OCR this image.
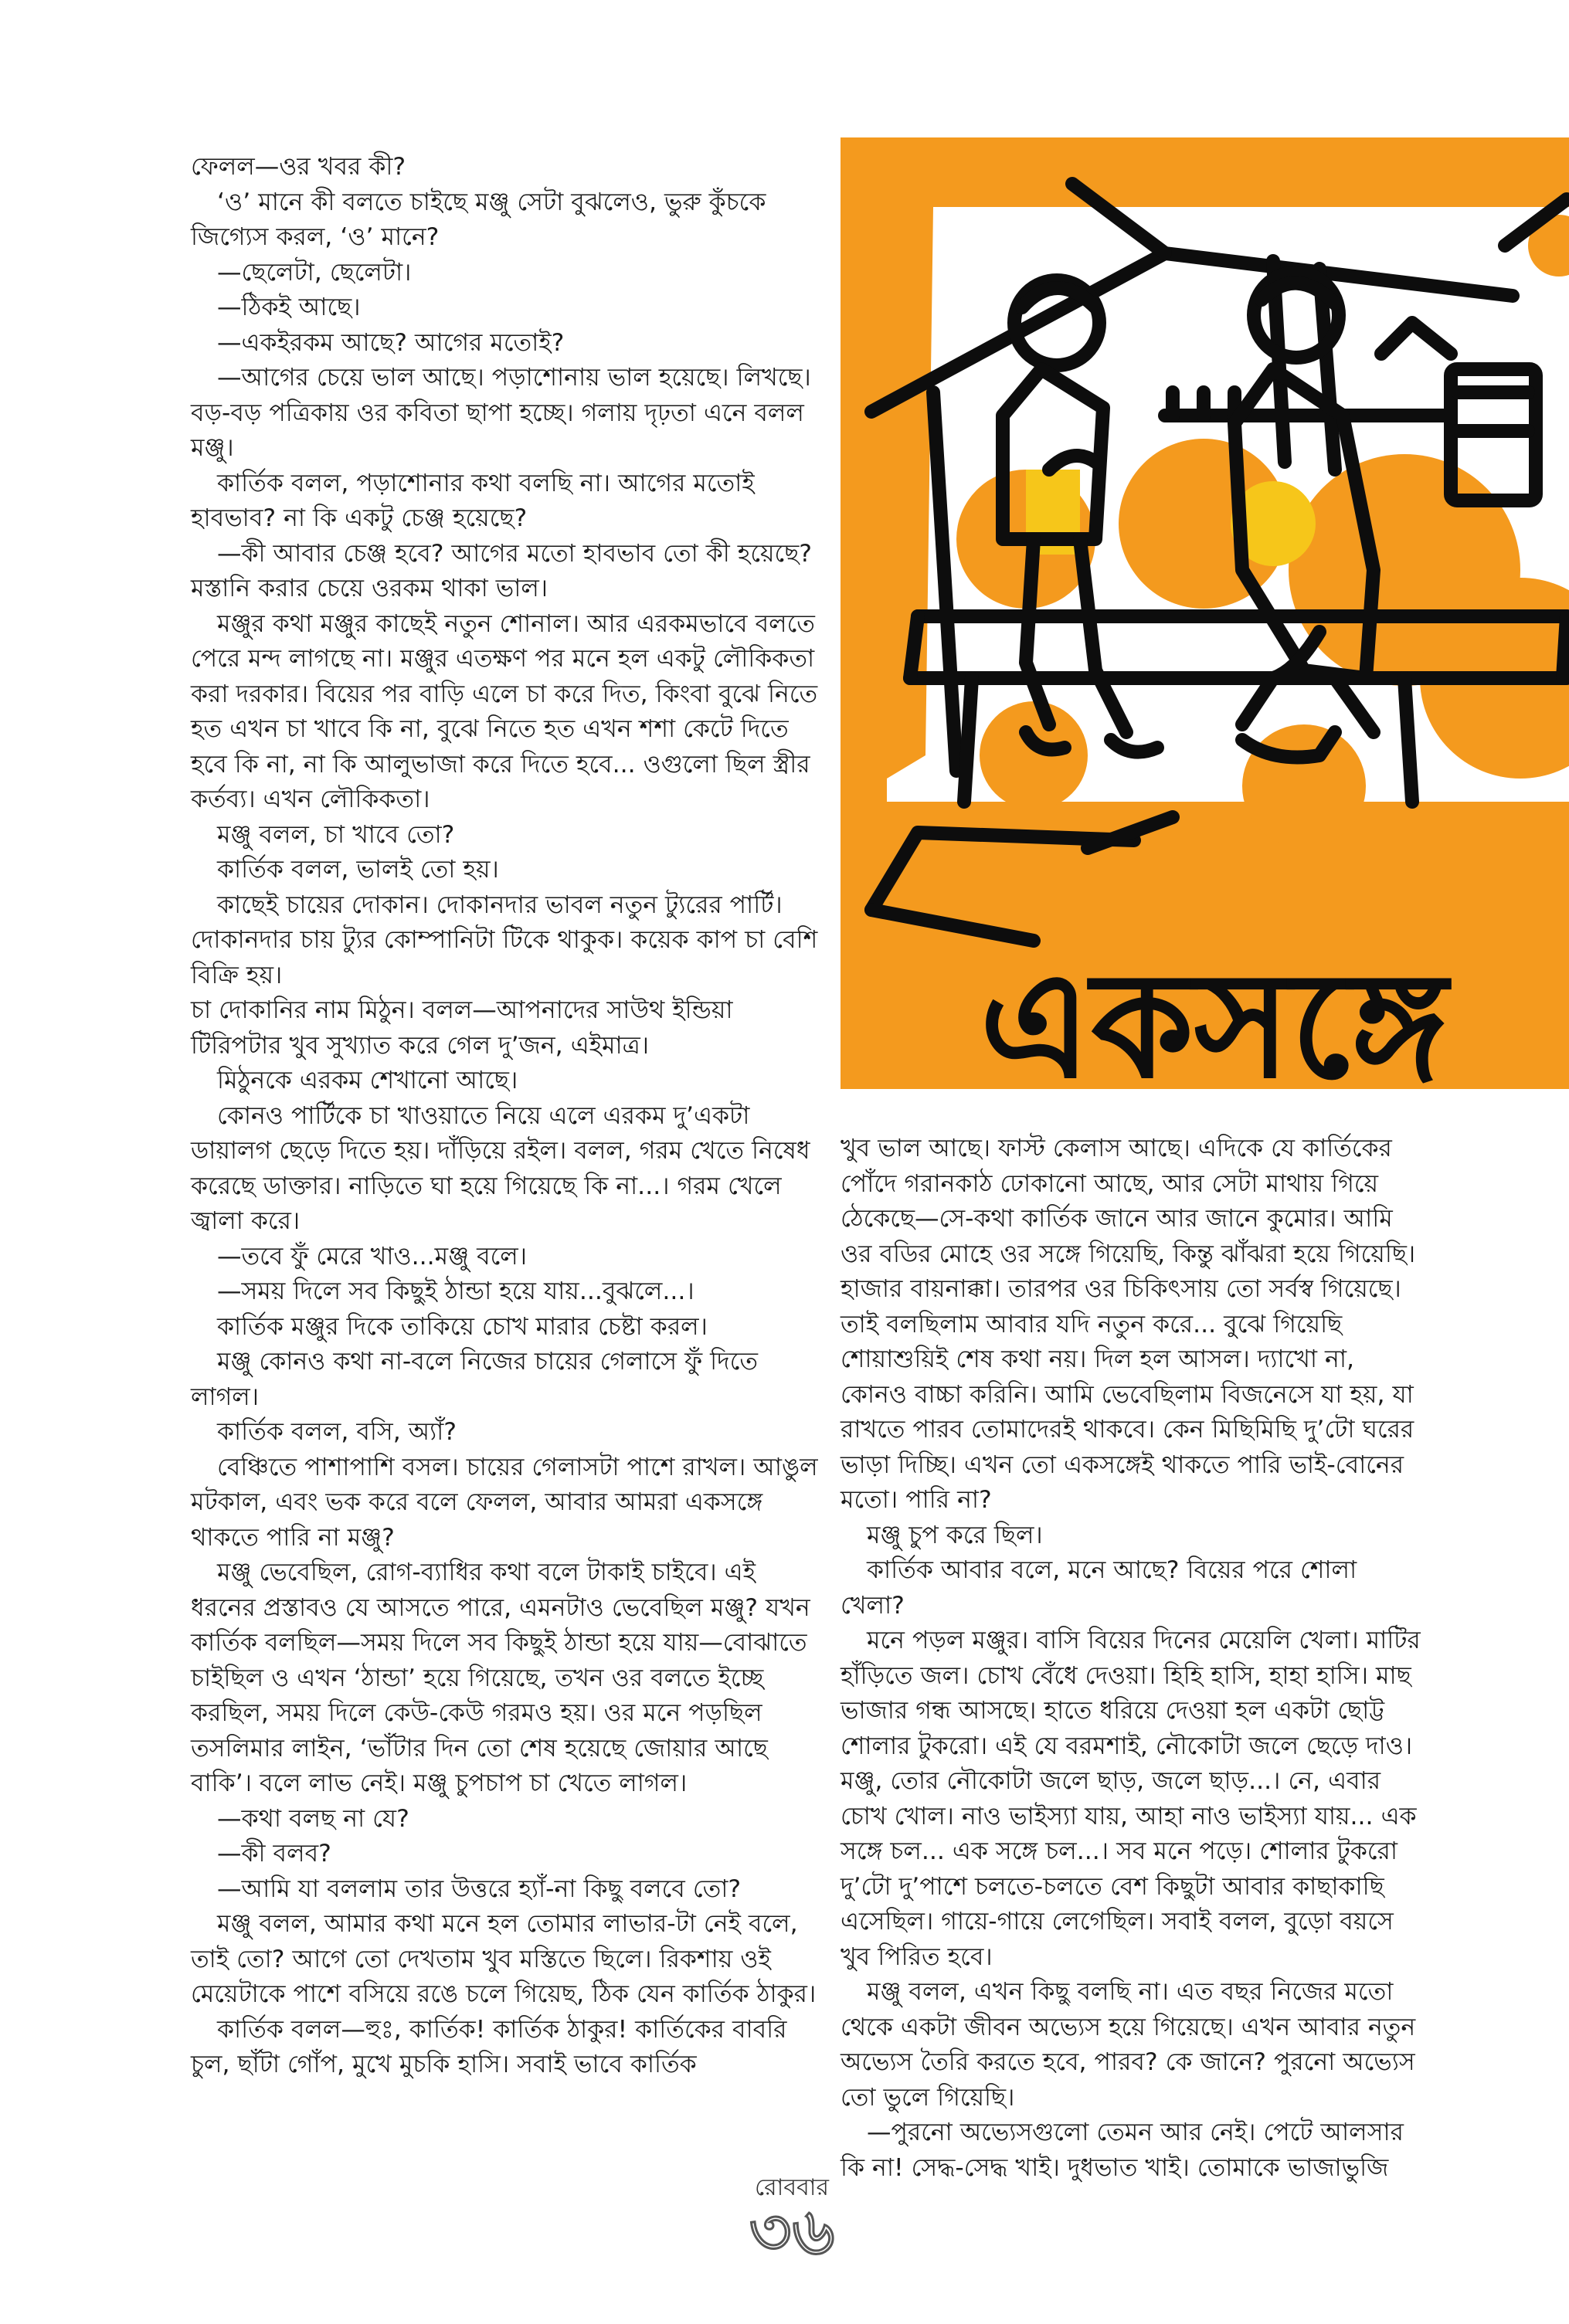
ফেলল—ওর খবর কী?

‘ও’ মানে কী বলতে চাইছে মঞ্জু সেটা বুঝলেও, ভুরু কুঁচকে জিগ্যেস করল, ‘ও’ মানে?

—ছেলেটা, ছেলেটা।

—ঠিকই আছে।

—একইরকম আছে? আগের মতোই?

—আগের চেয়ে ভাল আছে। পড়াশোনায় ভাল হয়েছে। লিখছে। বড়-বড় পত্রিকায় ওর কবিতা ছাপা হচ্ছে। গলায় দৃঢ়তা এনে বলল মঞ্জু।

কার্তিক বলল, পড়াশোনার কথা বলছি না। আগের মতোই হাবভাব? না কি একটু চেঞ্জ হয়েছে?

—কী আবার চেঞ্জ হবে? আগের মতো হাবভাব তো কী হয়েছে? মস্তানি করার চেয়ে ওরকম থাকা ভাল।

মঞ্জুর কথা মঞ্জুর কাছেই নতুন শোনাল। আর এরকমভাবে বলতে পেরে মন্দ লাগছে না। মঞ্জুর এতক্ষণ পর মনে হল একটু লৌকিকতা করা দরকার। বিয়ের পর বাড়ি এলে চা করে দিত, কিংবা বুঝে নিতে হত এখন চা খাবে কি না, বুঝে নিতে হত এখন শশা কেটে দিতে হবে কি না, না কি আলুভাজা করে দিতে হবে... ওগুলো ছিল স্ত্রীর কর্তব্য। এখন লৌকিকতা।

মঞ্জু বলল, চা খাবে তো?

কার্তিক বলল, ভালই তো হয়।

কাছেই চায়ের দোকান। দোকানদার ভাবল নতুন ট্যুরের পার্টি। দোকানদার চায় ট্যুর কোম্পানিটা টিকে থাকুক। কয়েক কাপ চা বেশি বিক্রি হয়।

চা দোকানির নাম মিঠুন। বলল—আপনাদের সাউথ ইন্ডিয়া টিরিপটার খুব সুখ্যাত করে গেল দু’জন, এইমাত্র।

মিঠুনকে এরকম শেখানো আছে।

কোনও পার্টিকে চা খাওয়াতে নিয়ে এলে এরকম দু’একটা ডায়ালগ ছেড়ে দিতে হয়। দাঁড়িয়ে রইল। বলল, গরম খেতে নিষেধ করেছে ডাক্তার। নাড়িতে ঘা হয়ে গিয়েছে কি না...। গরম খেলে জ্বালা করে।

—তবে ফুঁ মেরে খাও...মঞ্জু বলে।

—সময় দিলে সব কিছুই ঠান্ডা হয়ে যায়...বুঝলে...।

কার্তিক মঞ্জুর দিকে তাকিয়ে চোখ মারার চেষ্টা করল।

মঞ্জু কোনও কথা না-বলে নিজের চায়ের গেলাসে ফুঁ দিতে লাগল।

কার্তিক বলল, বসি, অ্যাঁ?

বেঞ্চিতে পাশাপাশি বসল। চায়ের গেলাসটা পাশে রাখল। আঙুল মটকাল, এবং ভক করে বলে ফেলল, আবার আমরা একসঙ্গে থাকতে পারি না মঞ্জু?

মঞ্জু ভেবেছিল, রোগ-ব্যাধির কথা বলে টাকাই চাইবে। এই ধরনের প্রস্তাবও যে আসতে পারে, এমনটাও ভেবেছিল মঞ্জু? যখন কার্তিক বলছিল—সময় দিলে সব কিছুই ঠান্ডা হয়ে যায়—বোঝাতে চাইছিল ও এখন ‘ঠান্ডা’ হয়ে গিয়েছে, তখন ওর বলতে ইচ্ছে করছিল, সময় দিলে কেউ-কেউ গরমও হয়। ওর মনে পড়ছিল তসলিমার লাইন, ‘ভাঁটার দিন তো শেষ হয়েছে জোয়ার আছে বাকি’। বলে লাভ নেই। মঞ্জু চুপচাপ চা খেতে লাগল।

—কথা বলছ না যে?

—কী বলব?

—আমি যা বললাম তার উত্তরে হ্যাঁ-না কিছু বলবে তো?

মঞ্জু বলল, আমার কথা মনে হল তোমার লাভার-টা নেই বলে, তাই তো? আগে তো দেখতাম খুব মস্তিতে ছিলে। রিকশায় ওই মেয়েটাকে পাশে বসিয়ে রঙে চলে গিয়েছ, ঠিক যেন কার্তিক ঠাকুর।

কার্তিক বলল—হুঃ, কার্তিক! কার্তিক ঠাকুর! কার্তিকের বাবরি চুল, ছাঁটা গোঁপ, মুখে মুচকি হাসি। সবাই ভাবে কার্তিক

একসঙ্গে

খুব ভাল আছে। ফাস্ট কেলাস আছে। এদিকে যে কার্তিকের পোঁদে গরানকাঠ ঢোকানো আছে, আর সেটা মাথায় গিয়ে ঠেকেছে—সে-কথা কার্তিক জানে আর জানে কুমোর। আমি ওর বডির মোহে ওর সঙ্গে গিয়েছি, কিন্তু ঝাঁঝরা হয়ে গিয়েছি। হাজার বায়নাক্কা। তারপর ওর চিকিৎসায় তো সর্বস্ব গিয়েছে। তাই বলছিলাম আবার যদি নতুন করে... বুঝে গিয়েছি শোয়াশুয়িই শেষ কথা নয়। দিল হল আসল। দ্যাখো না, কোনও বাচ্চা করিনি। আমি ভেবেছিলাম বিজনেসে যা হয়, যা রাখতে পারব তোমাদেরই থাকবে। কেন মিছিমিছি দু’টো ঘরের ভাড়া দিচ্ছি। এখন তো একসঙ্গেই থাকতে পারি ভাই-বোনের মতো। পারি না?

মঞ্জু চুপ করে ছিল।

কার্তিক আবার বলে, মনে আছে? বিয়ের পরে শোলা খেলা?

মনে পড়ল মঞ্জুর। বাসি বিয়ের দিনের মেয়েলি খেলা। মাটির হাঁড়িতে জল। চোখ বেঁধে দেওয়া। হিহি হাসি, হাহা হাসি। মাছ ভাজার গন্ধ আসছে। হাতে ধরিয়ে দেওয়া হল একটা ছোট্ট শোলার টুকরো। এই যে বরমশাই, নৌকোটা জলে ছেড়ে দাও। মঞ্জু, তোর নৌকোটা জলে ছাড়, জলে ছাড়...। নে, এবার চোখ খোল। নাও ভাইস্যা যায়, আহা নাও ভাইস্যা যায়... এক সঙ্গে চল... এক সঙ্গে চল...। সব মনে পড়ে। শোলার টুকরো দু’টো দু’পাশে চলতে-চলতে বেশ কিছুটা আবার কাছাকাছি এসেছিল। গায়ে-গায়ে লেগেছিল। সবাই বলল, বুড়ো বয়সে খুব পিরিত হবে।

মঞ্জু বলল, এখন কিছু বলছি না। এত বছর নিজের মতো থেকে একটা জীবন অভ্যেস হয়ে গিয়েছে। এখন আবার নতুন অভ্যেস তৈরি করতে হবে, পারব? কে জানে? পুরনো অভ্যেস তো ভুলে গিয়েছি।

—পুরনো অভ্যেসগুলো তেমন আর নেই। পেটে আলসার কি না! সেদ্ধ-সেদ্ধ খাই। দুধভাত খাই। তোমাকে ভাজাভুজি

রোববার
৩৬
